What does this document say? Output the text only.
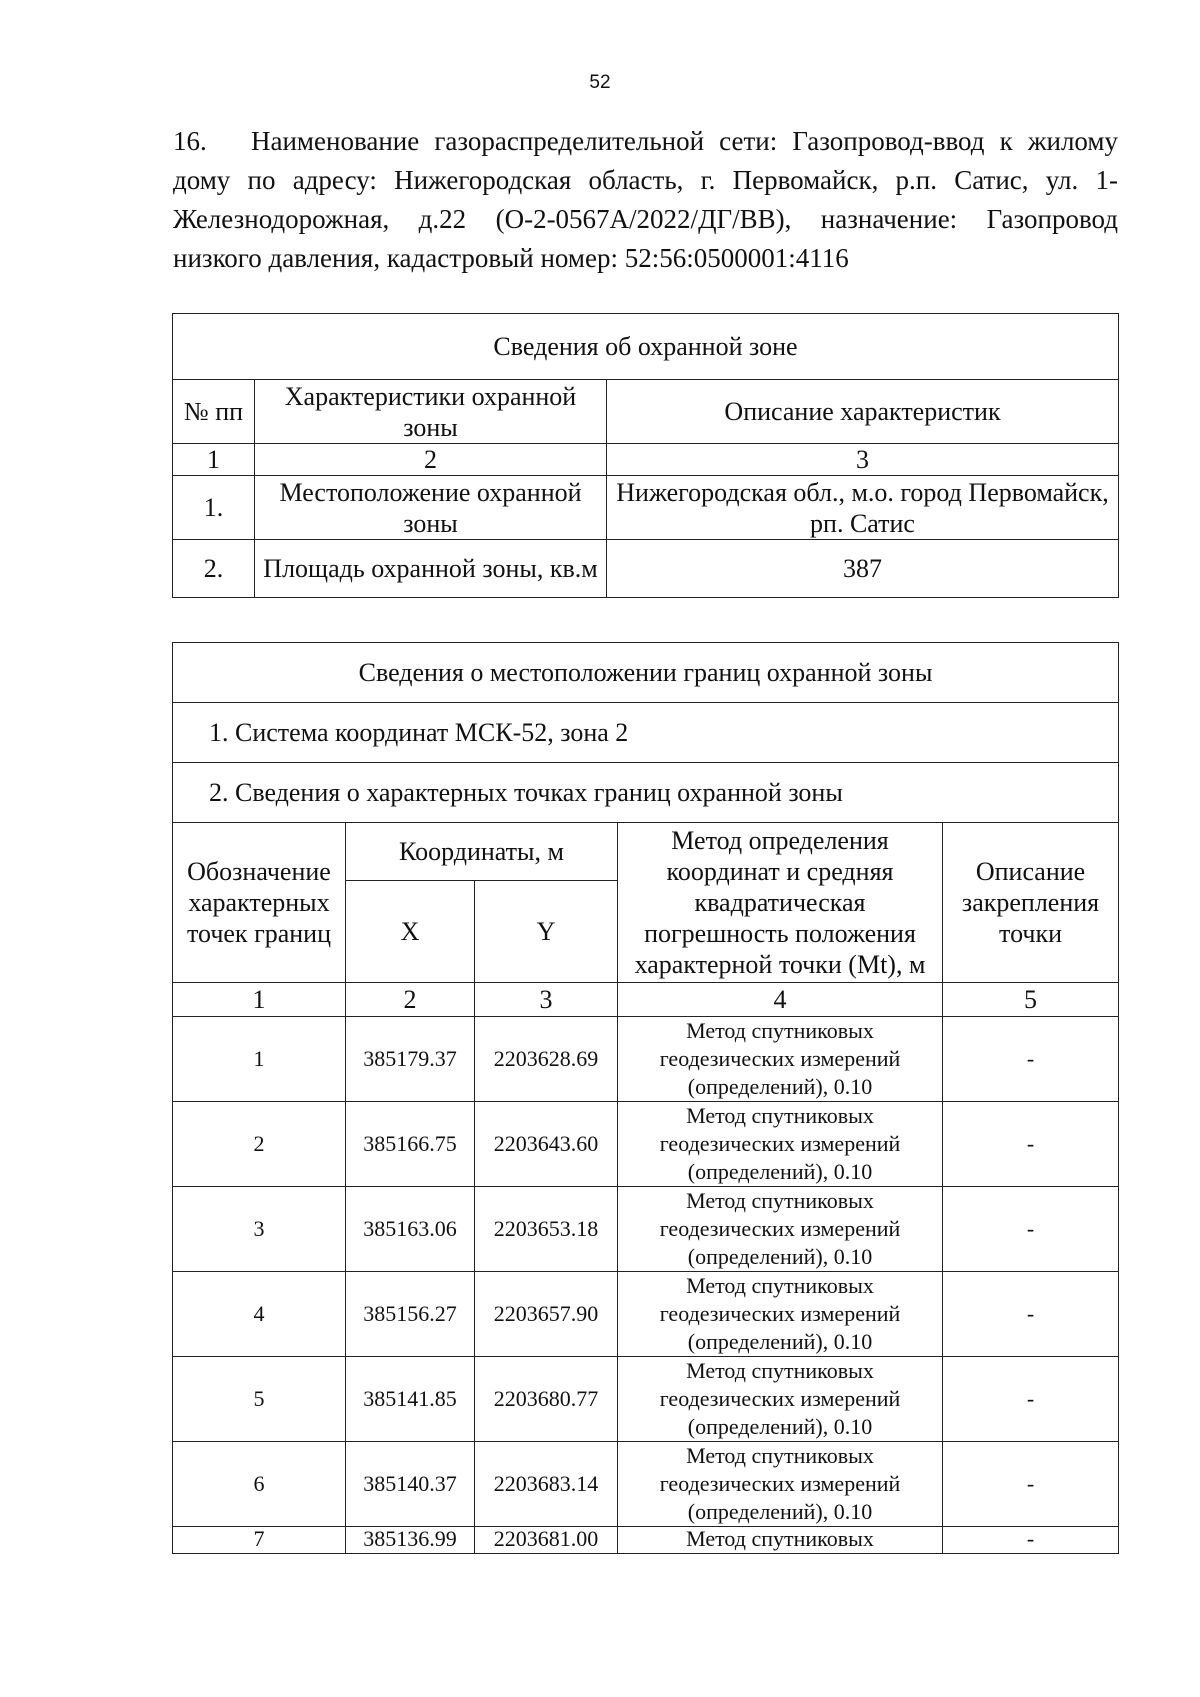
52
16. Наименование газораспределительной сети: Газопровод-ввод к жилому дому по адресу: Нижегородская область, г. Первомайск, р.п. Сатис, ул. 1-Железнодорожная, д.22 (О-2-0567А/2022/ДГ/ВВ), назначение: Газопровод низкого давления, кадастровый номер: 52:56:0500001:4116
Сведения об охранной зоне		
№ пп	Характеристики охранной зоны	Описание характеристик
1	2	3
1.	Местоположение охранной зоны	Нижегородская обл., м.о. город Первомайск, рп. Сатис
2.	Площадь охранной зоны, кв.м	387
Сведения о местоположении границ охранной зоны				
1. Система координат МСК-52, зона 2				
2. Сведения о характерных точках границ охранной зоны				
Обозначение характерных точек границ	Координаты, м		Метод определения координат и средняя квадратическая погрешность положения характерной точки (Mt), м	Описание закрепления точки
	X	Y		
1	2	3	4	5
1	385179.37	2203628.69	Метод спутниковых геодезических измерений (определений), 0.10	-
2	385166.75	2203643.60	Метод спутниковых геодезических измерений (определений), 0.10	-
3	385163.06	2203653.18	Метод спутниковых геодезических измерений (определений), 0.10	-
4	385156.27	2203657.90	Метод спутниковых геодезических измерений (определений), 0.10	-
5	385141.85	2203680.77	Метод спутниковых геодезических измерений (определений), 0.10	-
6	385140.37	2203683.14	Метод спутниковых геодезических измерений (определений), 0.10	-
7	385136.99	2203681.00	Метод спутниковых	-
